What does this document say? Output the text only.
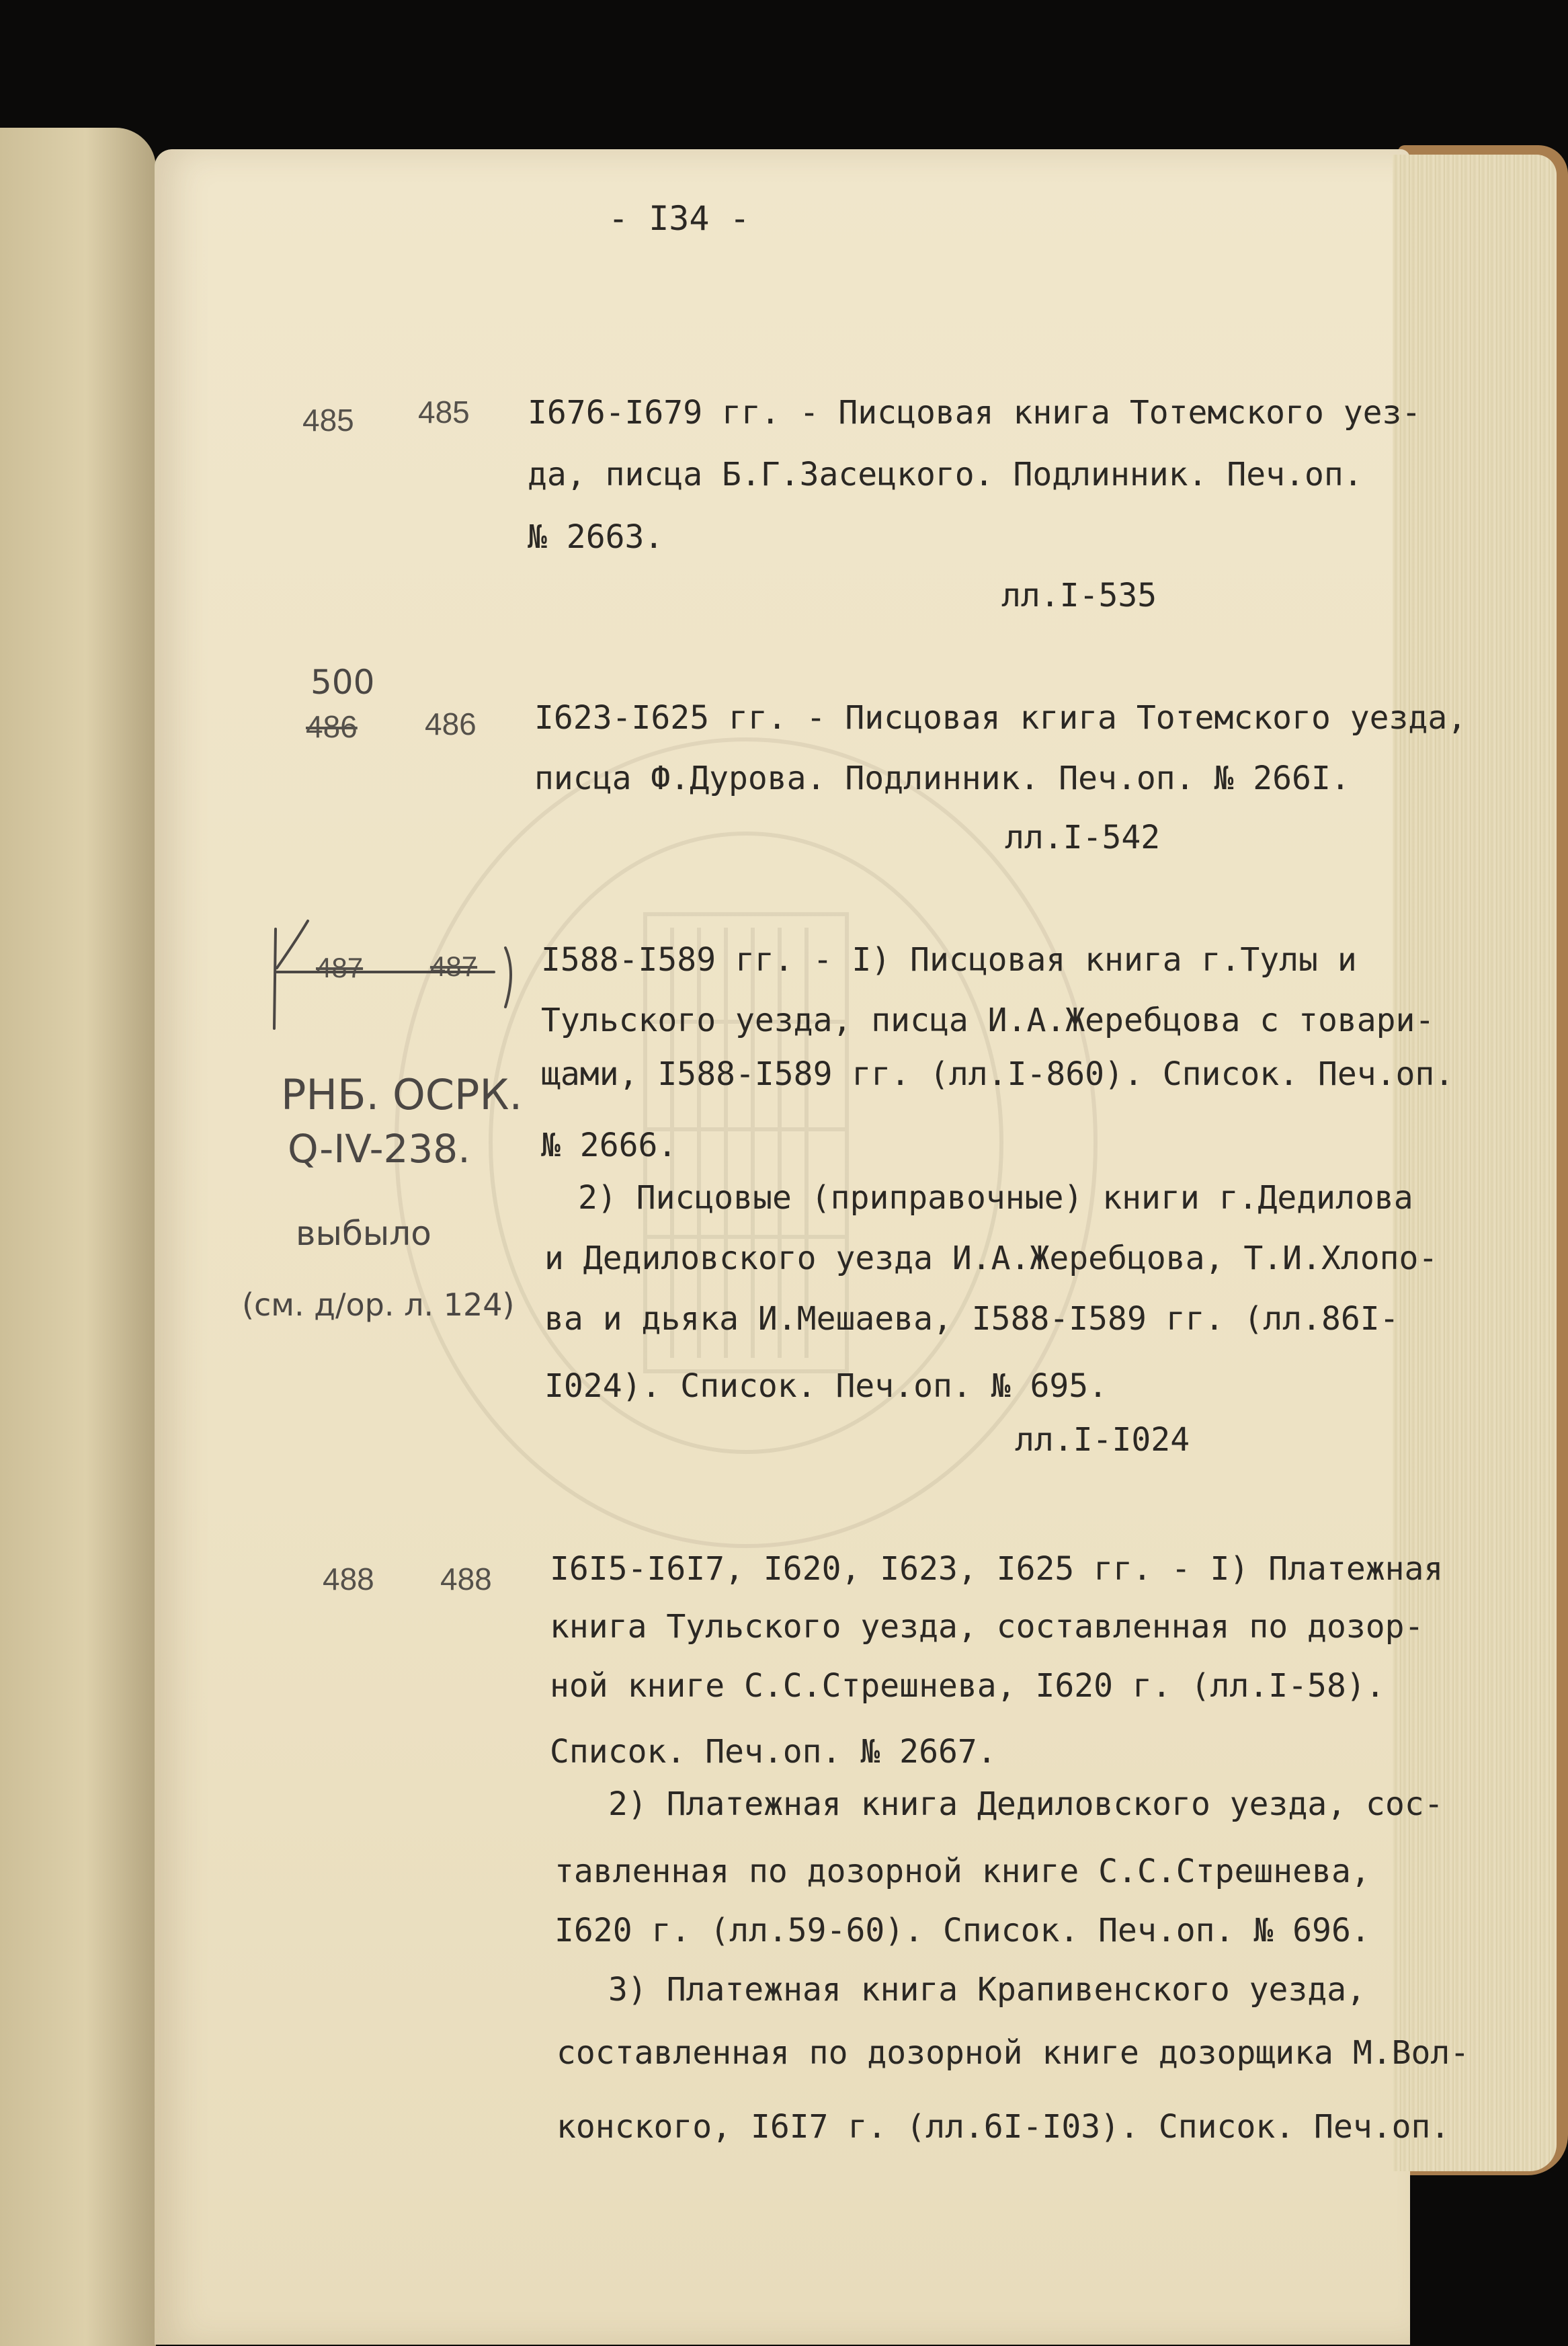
- I34 -
485 485 I676-I679 гг. - Писцовая книга Тотемского уез-
да, писца Б.Г.Засецкого. Подлинник. Печ.оп.
№ 2663.
лл.I-535
500
486 486 I623-I625 гг. - Писцовая кгига Тотемского уезда,
писца Ф.Дурова. Подлинник. Печ.оп. № 266I.
лл.I-542
487 487 I588-I589 гг. - I) Писцовая книга г.Тулы и
Тульского уезда, писца И.А.Жеребцова с товари-
щами, I588-I589 гг. (лл.I-860). Список. Печ.оп.
№ 2666.
2) Писцовые (приправочные) книги г.Дедилова
и Дедиловского уезда И.А.Жеребцова, Т.И.Хлопо-
ва и дьяка И.Мешаева, I588-I589 гг. (лл.86I-
I024). Список. Печ.оп. № 695.
лл.I-I024
РНБ. ОСРК.
Q-IV-238.
выбыло
(см. д/ор. л. 124)
488 488 I6I5-I6I7, I620, I623, I625 гг. - I) Платежная
книга Тульского уезда, составленная по дозор-
ной книге С.С.Стрешнева, I620 г. (лл.I-58).
Список. Печ.оп. № 2667.
2) Платежная книга Дедиловского уезда, сос-
тавленная по дозорной книге С.С.Стрешнева,
I620 г. (лл.59-60). Список. Печ.оп. № 696.
3) Платежная книга Крапивенского уезда,
составленная по дозорной книге дозорщика М.Вол-
конского, I6I7 г. (лл.6I-I03). Список. Печ.оп.
